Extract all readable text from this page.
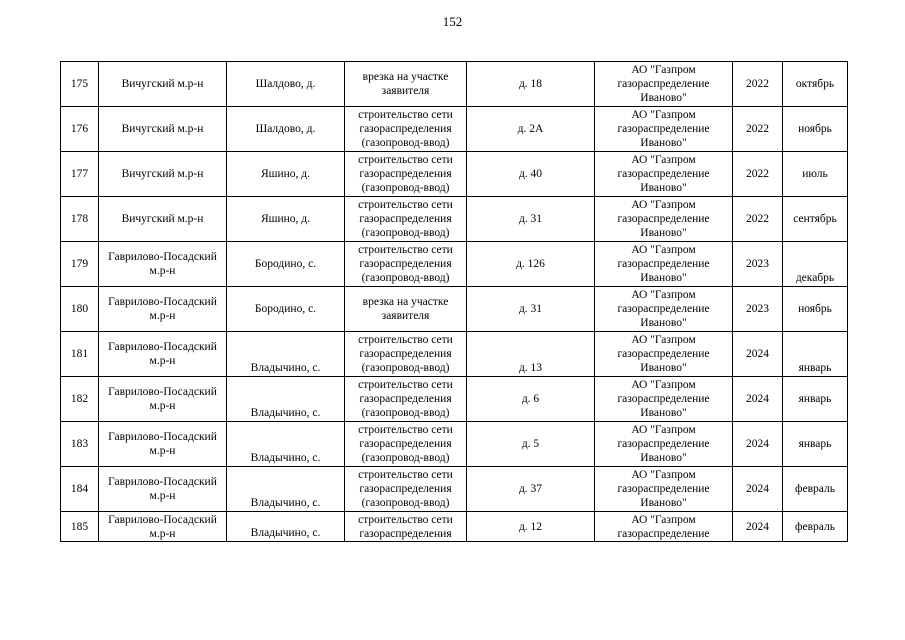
152
175	Вичугский м.р-н	Шалдово, д.	врезка на участке заявителя	д. 18	АО "Газпром газораспределение Иваново"	2022	октябрь
176	Вичугский м.р-н	Шалдово, д.	строительство сети газораспределения (газопровод-ввод)	д. 2А	АО "Газпром газораспределение Иваново"	2022	ноябрь
177	Вичугский м.р-н	Яшино, д.	строительство сети газораспределения (газопровод-ввод)	д. 40	АО "Газпром газораспределение Иваново"	2022	июль
178	Вичугский м.р-н	Яшино, д.	строительство сети газораспределения (газопровод-ввод)	д. 31	АО "Газпром газораспределение Иваново"	2022	сентябрь
179	Гаврилово-Посадский м.р-н	Бородино, с.	строительство сети газораспределения (газопровод-ввод)	д. 126	АО "Газпром газораспределение Иваново"	2023	декабрь
180	Гаврилово-Посадский м.р-н	Бородино, с.	врезка на участке заявителя	д. 31	АО "Газпром газораспределение Иваново"	2023	ноябрь
181	Гаврилово-Посадский м.р-н	Владычино, с.	строительство сети газораспределения (газопровод-ввод)	д. 13	АО "Газпром газораспределение Иваново"	2024	январь
182	Гаврилово-Посадский м.р-н	Владычино, с.	строительство сети газораспределения (газопровод-ввод)	д. 6	АО "Газпром газораспределение Иваново"	2024	январь
183	Гаврилово-Посадский м.р-н	Владычино, с.	строительство сети газораспределения (газопровод-ввод)	д. 5	АО "Газпром газораспределение Иваново"	2024	январь
184	Гаврилово-Посадский м.р-н	Владычино, с.	строительство сети газораспределения (газопровод-ввод)	д. 37	АО "Газпром газораспределение Иваново"	2024	февраль
185	Гаврилово-Посадский м.р-н	Владычино, с.	строительство сети газораспределения	д. 12	АО "Газпром газораспределение	2024	февраль
